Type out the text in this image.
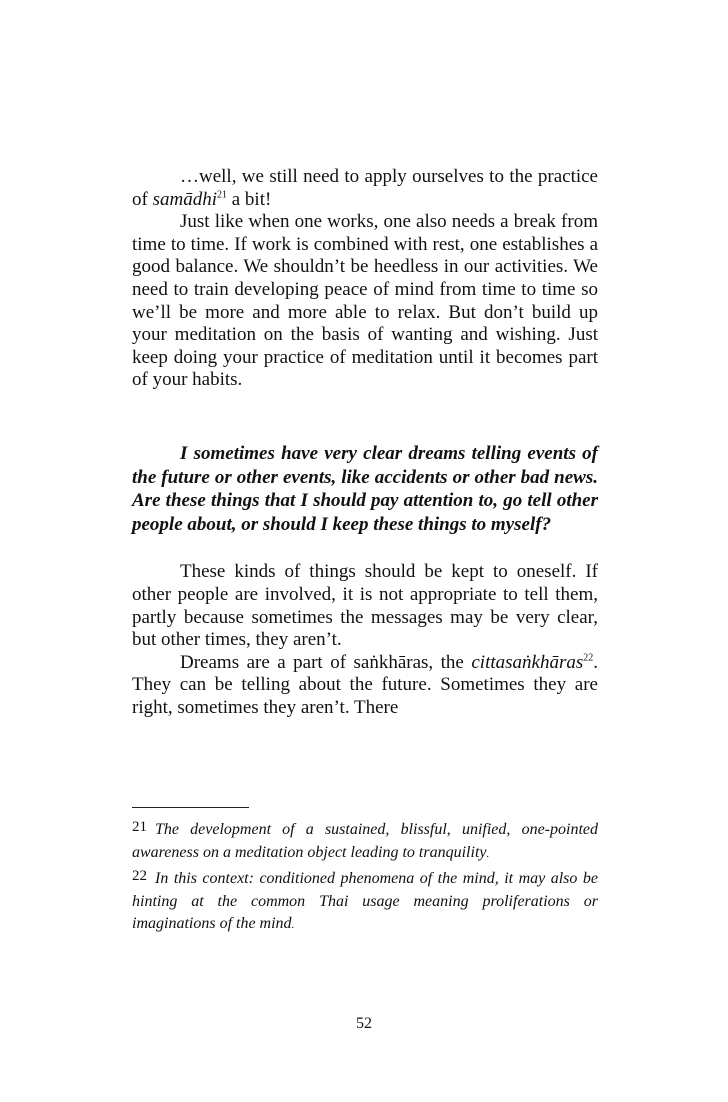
…well, we still need to apply ourselves to the practice of samādhi$^{21}$ a bit!

Just like when one works, one also needs a break from time to time. If work is combined with rest, one establishes a good balance. We shouldn’t be heedless in our activities. We need to train developing peace of mind from time to time so we’ll be more and more able to relax. But don’t build up your meditation on the basis of wanting and wishing. Just keep doing your practice of meditation until it becomes part of your habits.

I sometimes have very clear dreams telling events of the future or other events, like accidents or other bad news. Are these things that I should pay attention to, go tell other people about, or should I keep these things to myself?

These kinds of things should be kept to oneself. If other people are involved, it is not appropriate to tell them, partly because sometimes the messages may be very clear, but other times, they aren’t.

Dreams are a part of saṅkhāras, the cittasaṅkhāras$^{22}$. They can be telling about the future. Sometimes they are right, sometimes they aren’t. There

21 The development of a sustained, blissful, unified, one-pointed awareness on a meditation object leading to tranquility.

22 In this context: conditioned phenomena of the mind, it may also be hinting at the common Thai usage meaning proliferations or imaginations of the mind.

52
